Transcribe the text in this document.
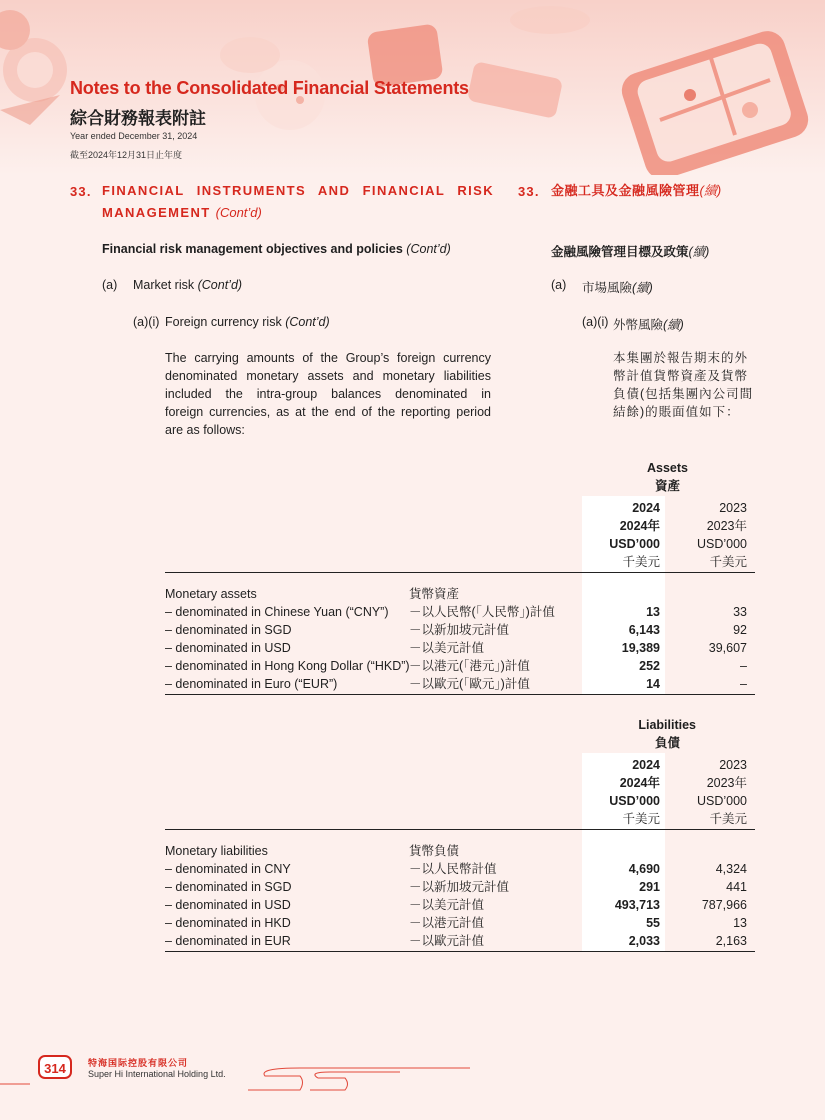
Notes to the Consolidated Financial Statements
綜合財務報表附註
Year ended December 31, 2024
截至2024年12月31日止年度
33. FINANCIAL INSTRUMENTS AND FINANCIAL RISK
MANAGEMENT (Cont’d)
33. 金融工具及金融風險管理(續)
Financial risk management objectives and policies (Cont’d)	金融風險管理目標及政策(續)
(a) Market risk (Cont’d)	(a) 市場風險(續)
(a)(i) Foreign currency risk (Cont’d)	(a)(i) 外幣風險(續)
The carrying amounts of the Group’s foreign currency
denominated monetary assets and monetary liabilities
included the intra-group balances denominated in
foreign currencies, as at the end of the reporting period
are as follows:
本集團於報告期末的外
幣計值貨幣資產及貨幣
負債(包括集團內公司間
結餘)的賬面值如下：
Assets
資產
2024
2024年
USD’000
千美元
2023
2023年
USD’000
千美元
Monetary assets	貨幣資產
– denominated in Chinese Yuan (“CNY”) －以人民幣(「人民幣」)計值	13	33
– denominated in SGD	－以新加坡元計值	6,143	92
– denominated in USD	－以美元計值	19,389	39,607
– denominated in Hong Kong Dollar (“HKD”) －以港元(「港元」)計值	252	–
– denominated in Euro (“EUR”)	－以歐元(「歐元」)計值	14	–
Liabilities
負債
2024
2024年
USD’000
千美元
2023
2023年
USD’000
千美元
Monetary liabilities	貨幣負債
– denominated in CNY	－以人民幣計值	4,690	4,324
– denominated in SGD	－以新加坡元計值	291	441
– denominated in USD	－以美元計值	493,713	787,966
– denominated in HKD	－以港元計值	55	13
– denominated in EUR	－以歐元計值	2,033	2,163
314	特海国际控股有限公司
Super Hi International Holding Ltd.
